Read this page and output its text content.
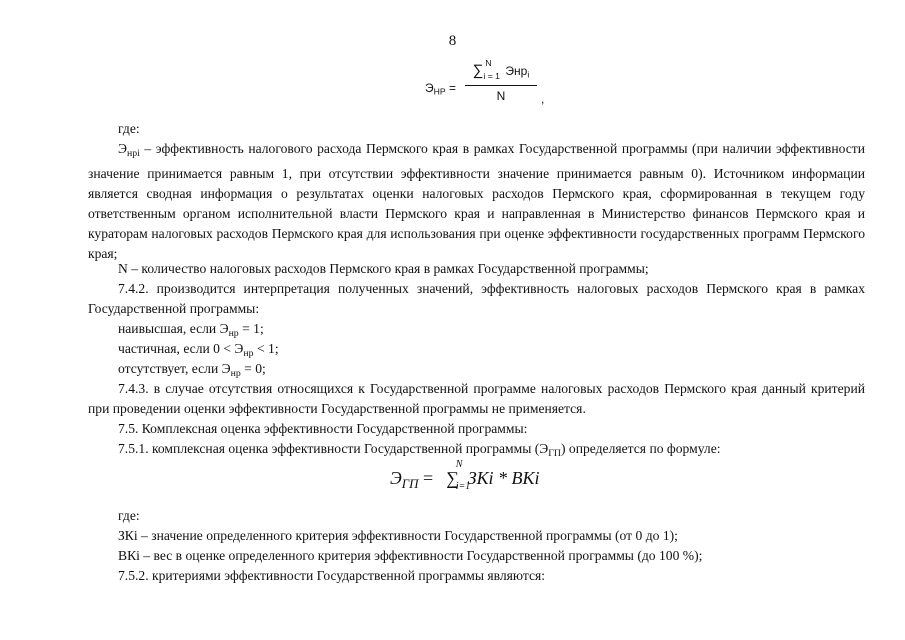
8
$Э_{НР}$ =
∑ N
i = 1 Энр$_i$
N	,

где:

$Э_{нрi}$ – эффективность налогового расхода Пермского края в рамках Государственной программы (при наличии эффективности значение принимается равным 1, при отсутствии эффективности значение принимается равным 0). Источником информации является сводная информация о результатах оценки налоговых расходов Пермского края, сформированная в текущем году ответственным органом исполнительной власти Пермского края и направленная в Министерство финансов Пермского края и кураторам налоговых расходов Пермского края для использования при оценке эффективности государственных программ Пермского края;

N – количество налоговых расходов Пермского края в рамках Государственной программы;

7.4.2. производится интерпретация полученных значений, эффективность налоговых расходов Пермского края в рамках Государственной программы:

наивысшая, если $Э_{нр} = 1$;

частичная, если $0 < Э_{нр} < 1$;

отсутствует, если $Э_{нр} = 0$;

7.4.3. в случае отсутствия относящихся к Государственной программе налоговых расходов Пермского края данный критерий при проведении оценки эффективности Государственной программы не применяется.

7.5. Комплексная оценка эффективности Государственной программы:

7.5.1. комплексная оценка эффективности Государственной программы $(Э_{ГП})$ определяется по формуле:

$Э_{ГП}$ = ∑
N
i=1
ЗКi * ВКi

где:

ЗКi – значение определенного критерия эффективности Государственной программы (от 0 до 1);

ВКi – вес в оценке определенного критерия эффективности Государственной программы (до 100 %);

7.5.2. критериями эффективности Государственной программы являются:
